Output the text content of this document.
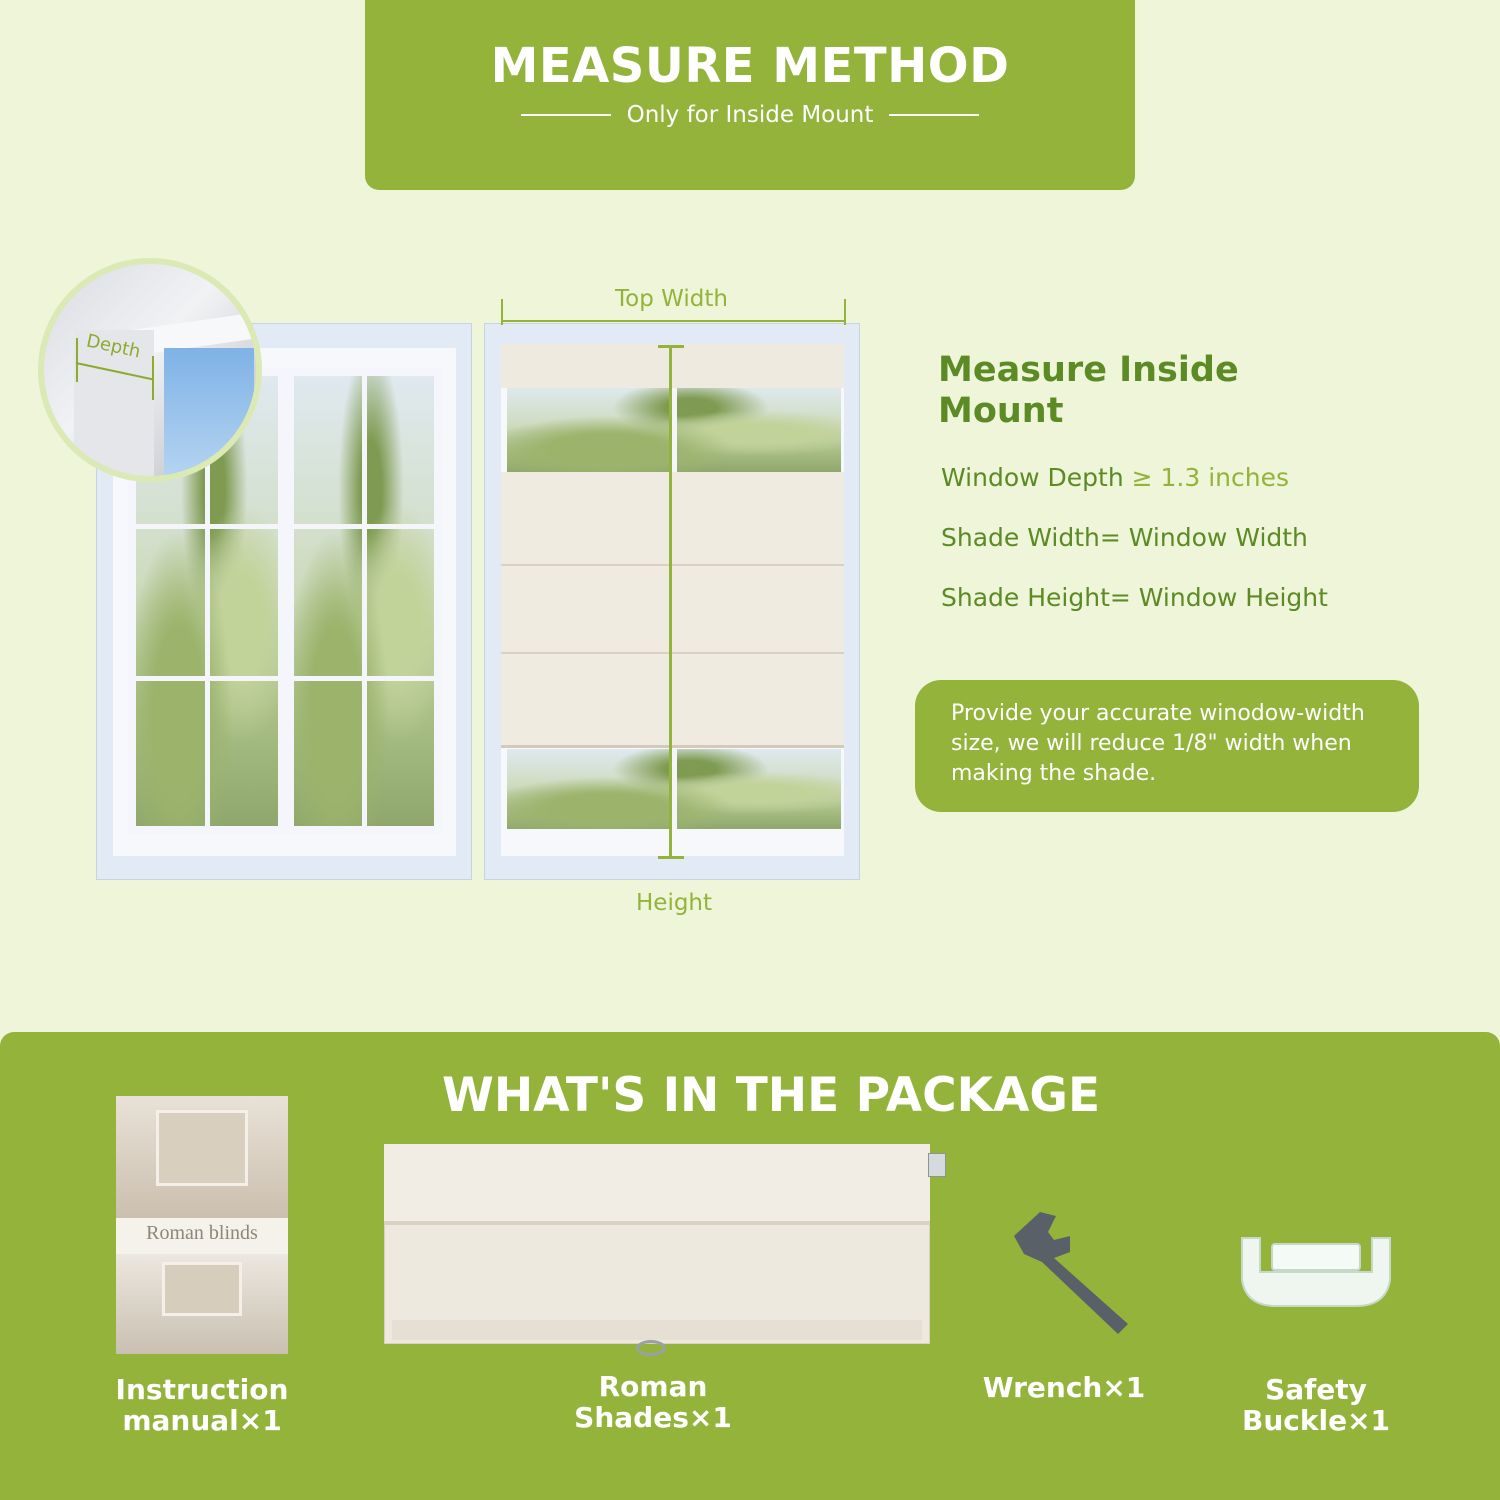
MEASURE METHOD
Only for Inside Mount
Depth
Top Width
Height
Measure Inside Mount
Window Depth ≥ 1.3 inches
Shade Width= Window Width
Shade Height= Window Height
Provide your accurate winodow-width size, we will reduce 1/8" width when making the shade.
WHAT'S IN THE PACKAGE
Roman blinds
Instruction manual×1
Roman Shades×1
Wrench×1	Safety Buckle×1
